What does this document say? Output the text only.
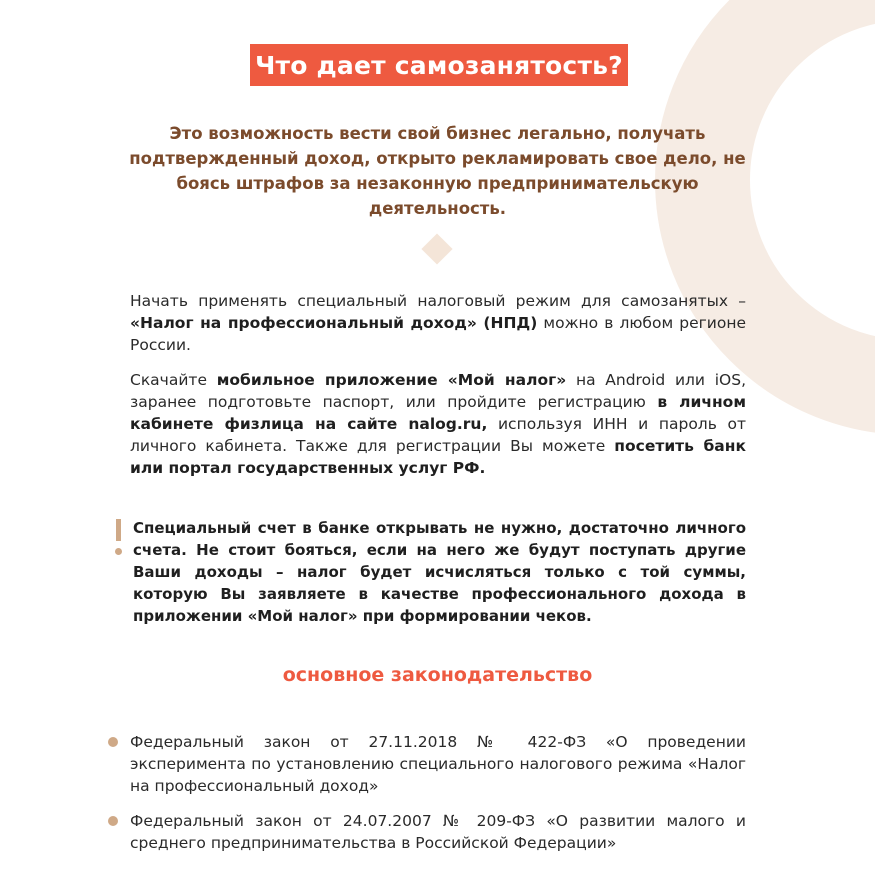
Что дает самозанятость?
Это возможность вести свой бизнес легально, получать подтвержденный доход, открыто рекламировать свое дело, не боясь штрафов за незаконную предпринимательскую деятельность.
Начать применять специальный налоговый режим для самозанятых – «Налог на профессиональный доход» (НПД) можно в любом регионе России.
Скачайте мобильное приложение «Мой налог» на Android или iOS, заранее подготовьте паспорт, или пройдите регистрацию в личном кабинете физлица на сайте nalog.ru, используя ИНН и пароль от личного кабинета. Также для регистрации Вы можете посетить банк или портал государственных услуг РФ.
Специальный счет в банке открывать не нужно, достаточно личного счета. Не стоит бояться, если на него же будут поступать другие Ваши доходы – налог будет исчисляться только с той суммы, которую Вы заявляете в качестве профессионального дохода в приложении «Мой налог» при формировании чеков.
основное законодательство
Федеральный закон от 27.11.2018 № 422-ФЗ «О проведении эксперимента по установлению специального налогового режима «Налог на профессиональный доход»
Федеральный закон от 24.07.2007 № 209-ФЗ «О развитии малого и среднего предпринимательства в Российской Федерации»
